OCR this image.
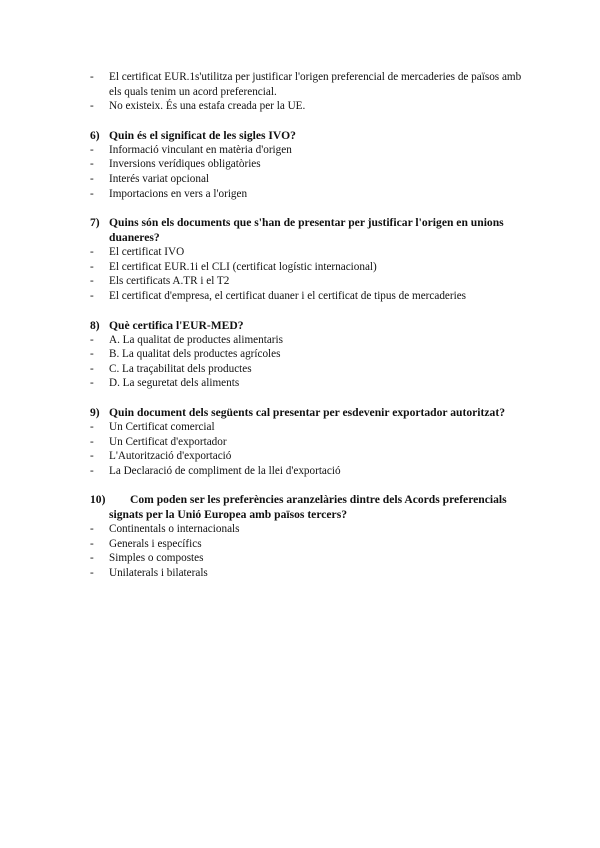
-	El certificat EUR.1s'utilitza per justificar l'origen preferencial de mercaderies de països amb els quals tenim un acord preferencial.
-	No existeix. És una estafa creada per la UE.
6) Quin és el significat de les sigles IVO?
-	Informació vinculant en matèria d'origen
-	Inversions verídiques obligatòries
-	Interés variat opcional
-	Importacions en vers a l'origen
7) Quins són els documents que s'han de presentar per justificar l'origen en unions duaneres?
-	El certificat IVO
-	El certificat EUR.1i el CLI (certificat logístic internacional)
-	Els certificats A.TR i el T2
-	El certificat d'empresa, el certificat duaner i el certificat de tipus de mercaderies
8) Què certifica l'EUR-MED?
-	A. La qualitat de productes alimentaris
-	B. La qualitat dels productes agrícoles
-	C. La traçabilitat dels productes
-	D. La seguretat dels aliments
9) Quin document dels següents cal presentar per esdevenir exportador autoritzat?
-	Un Certificat comercial
-	Un Certificat d'exportador
-	L'Autorització d'exportació
-	La Declaració de compliment de la llei d'exportació
10) Com poden ser les preferències aranzelàries dintre dels Acords preferencials signats per la Unió Europea amb països tercers?
-	Continentals o internacionals
-	Generals i específics
-	Simples o compostes
-	Unilaterals i bilaterals
